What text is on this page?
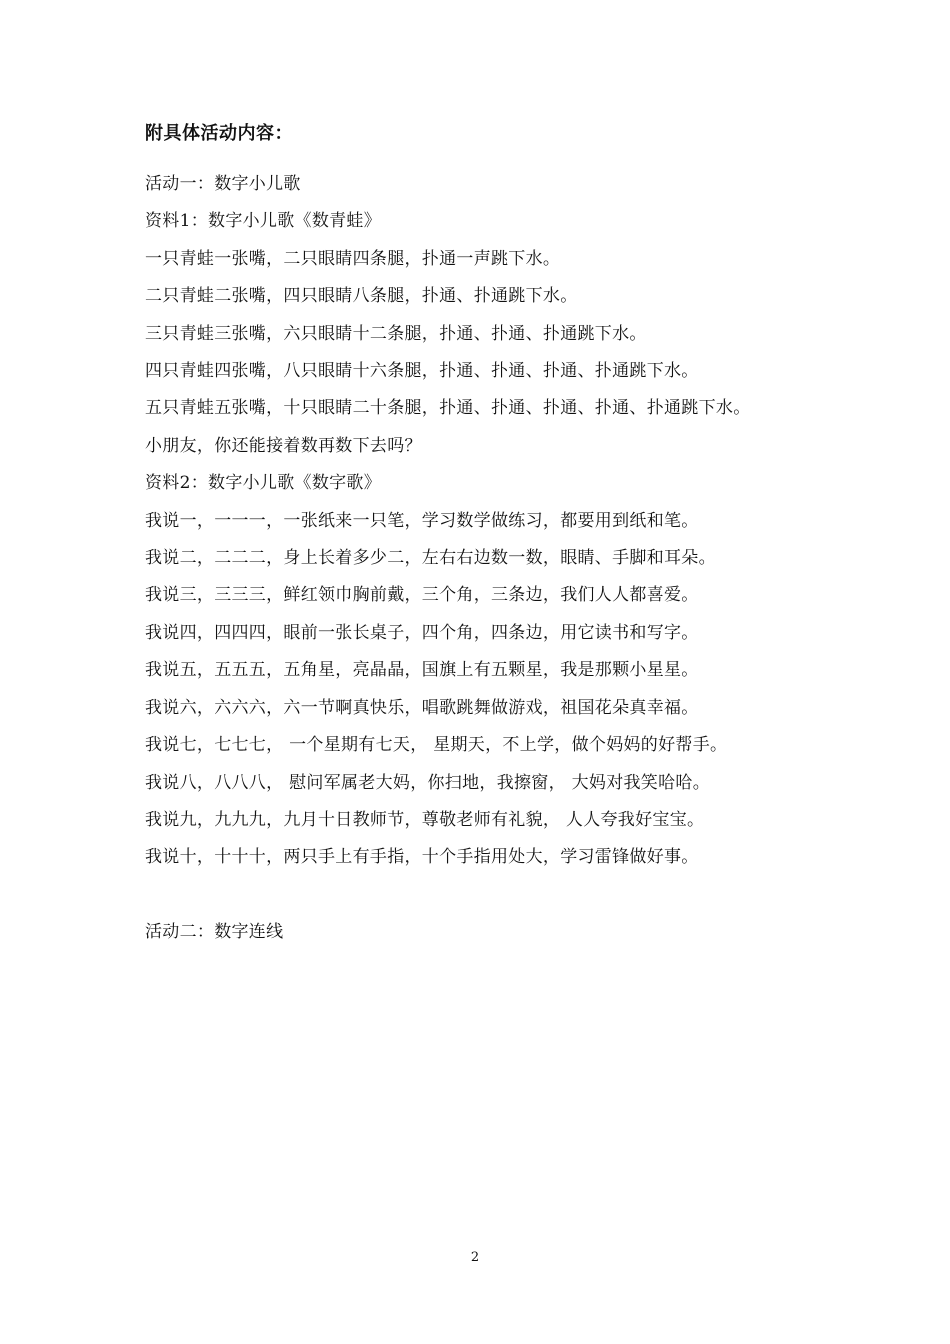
附具体活动内容：
活动一：数字小儿歌
资料1：数字小儿歌《数青蛙》
一只青蛙一张嘴，二只眼睛四条腿，扑通一声跳下水。
二只青蛙二张嘴，四只眼睛八条腿，扑通、扑通跳下水。
三只青蛙三张嘴，六只眼睛十二条腿，扑通、扑通、扑通跳下水。
四只青蛙四张嘴，八只眼睛十六条腿，扑通、扑通、扑通、扑通跳下水。
五只青蛙五张嘴，十只眼睛二十条腿，扑通、扑通、扑通、扑通、扑通跳下水。
小朋友，你还能接着数再数下去吗？
资料2：数字小儿歌《数字歌》
我说一，一一一，一张纸来一只笔，学习数学做练习，都要用到纸和笔。
我说二，二二二，身上长着多少二，左右右边数一数，眼睛、手脚和耳朵。
我说三，三三三，鲜红领巾胸前戴，三个角，三条边，我们人人都喜爱。
我说四，四四四，眼前一张长桌子，四个角，四条边，用它读书和写字。
我说五，五五五，五角星，亮晶晶，国旗上有五颗星，我是那颗小星星。
我说六，六六六，六一节啊真快乐，唱歌跳舞做游戏，祖国花朵真幸福。
我说七，七七七， 一个星期有七天， 星期天，不上学，做个妈妈的好帮手。
我说八，八八八， 慰问军属老大妈，你扫地，我擦窗， 大妈对我笑哈哈。
我说九，九九九，九月十日教师节，尊敬老师有礼貌， 人人夸我好宝宝。
我说十，十十十，两只手上有手指，十个手指用处大，学习雷锋做好事。
活动二：数字连线
2
